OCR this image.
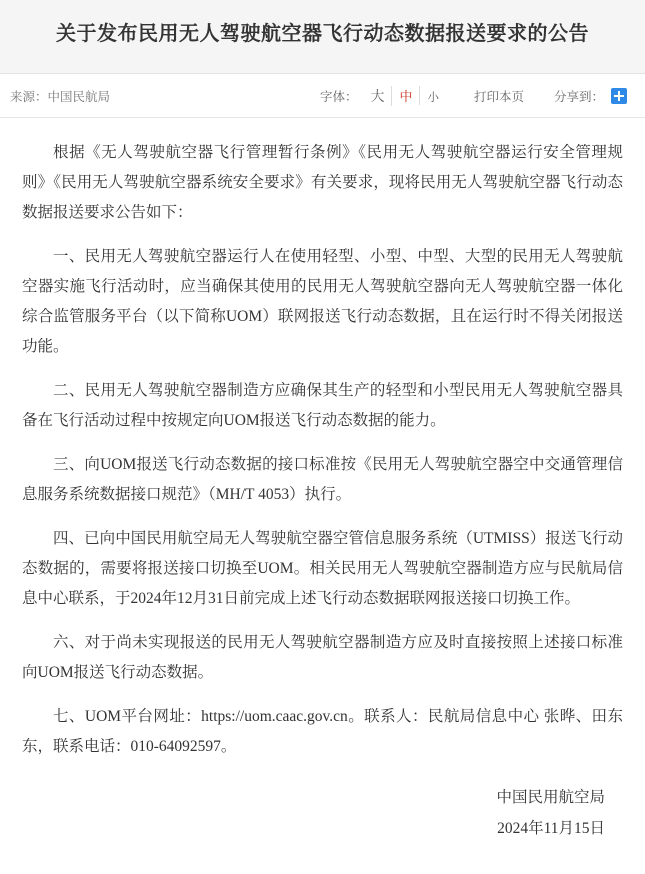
关于发布民用无人驾驶航空器飞行动态数据报送要求的公告
来源：中国民航局	字体： 大	中	小	打印本页 分享到：

根据《无人驾驶航空器飞行管理暂行条例》《民用无人驾驶航空器运行安全管理规则》《民用无人驾驶航空器系统安全要求》有关要求，现将民用无人驾驶航空器飞行动态数据报送要求公告如下：

一、民用无人驾驶航空器运行人在使用轻型、小型、中型、大型的民用无人驾驶航空器实施飞行活动时，应当确保其使用的民用无人驾驶航空器向无人驾驶航空器一体化综合监管服务平台（以下简称UOM）联网报送飞行动态数据，且在运行时不得关闭报送功能。

二、民用无人驾驶航空器制造方应确保其生产的轻型和小型民用无人驾驶航空器具备在飞行活动过程中按规定向UOM报送飞行动态数据的能力。

三、向UOM报送飞行动态数据的接口标准按《民用无人驾驶航空器空中交通管理信息服务系统数据接口规范》（MH/T 4053）执行。

四、已向中国民用航空局无人驾驶航空器空管信息服务系统（UTMISS）报送飞行动态数据的，需要将报送接口切换至UOM。相关民用无人驾驶航空器制造方应与民航局信息中心联系，于2024年12月31日前完成上述飞行动态数据联网报送接口切换工作。

六、对于尚未实现报送的民用无人驾驶航空器制造方应及时直接按照上述接口标准向UOM报送飞行动态数据。

七、UOM平台网址：https://uom.caac.gov.cn。联系人：民航局信息中心 张晔、田东东，联系电话：010-64092597。

中国民用航空局
2024年11月15日
